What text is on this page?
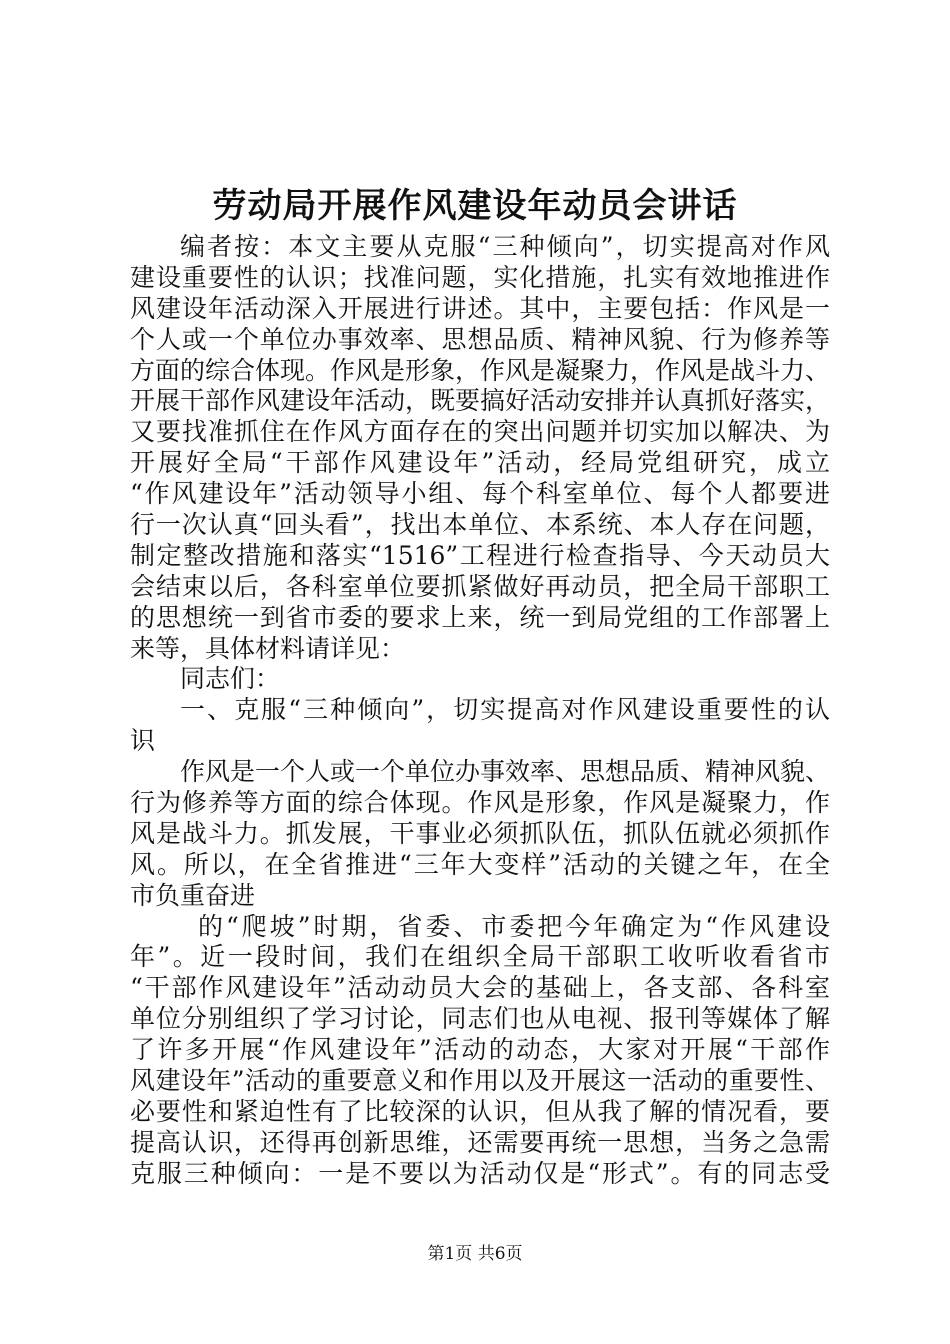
劳动局开展作风建设年动员会讲话
编者按：本文主要从克服“三种倾向”，切实提高对作风
建设重要性的认识；找准问题，实化措施，扎实有效地推进作
风建设年活动深入开展进行讲述。其中，主要包括：作风是一
个人或一个单位办事效率、思想品质、精神风貌、行为修养等
方面的综合体现。作风是形象，作风是凝聚力，作风是战斗力、
开展干部作风建设年活动，既要搞好活动安排并认真抓好落实，
又要找准抓住在作风方面存在的突出问题并切实加以解决、为
开展好全局“干部作风建设年”活动，经局党组研究，成立
“作风建设年”活动领导小组、每个科室单位、每个人都要进
行一次认真“回头看”，找出本单位、本系统、本人存在问题，
制定整改措施和落实“1516”工程进行检查指导、今天动员大
会结束以后，各科室单位要抓紧做好再动员，把全局干部职工
的思想统一到省市委的要求上来，统一到局党组的工作部署上
来等，具体材料请详见：
同志们：
一、克服“三种倾向”，切实提高对作风建设重要性的认
识
作风是一个人或一个单位办事效率、思想品质、精神风貌、
行为修养等方面的综合体现。作风是形象，作风是凝聚力，作
风是战斗力。抓发展，干事业必须抓队伍，抓队伍就必须抓作
风。所以，在全省推进“三年大变样”活动的关键之年，在全
市负重奋进
的“爬坡”时期，省委、市委把今年确定为“作风建设
年”。近一段时间，我们在组织全局干部职工收听收看省市
“干部作风建设年”活动动员大会的基础上，各支部、各科室
单位分别组织了学习讨论，同志们也从电视、报刊等媒体了解
了许多开展“作风建设年”活动的动态，大家对开展“干部作
风建设年”活动的重要意义和作用以及开展这一活动的重要性、
必要性和紧迫性有了比较深的认识，但从我了解的情况看，要
提高认识，还得再创新思维，还需要再统一思想，当务之急需
克服三种倾向：一是不要以为活动仅是“形式”。有的同志受
第1页 共6页
